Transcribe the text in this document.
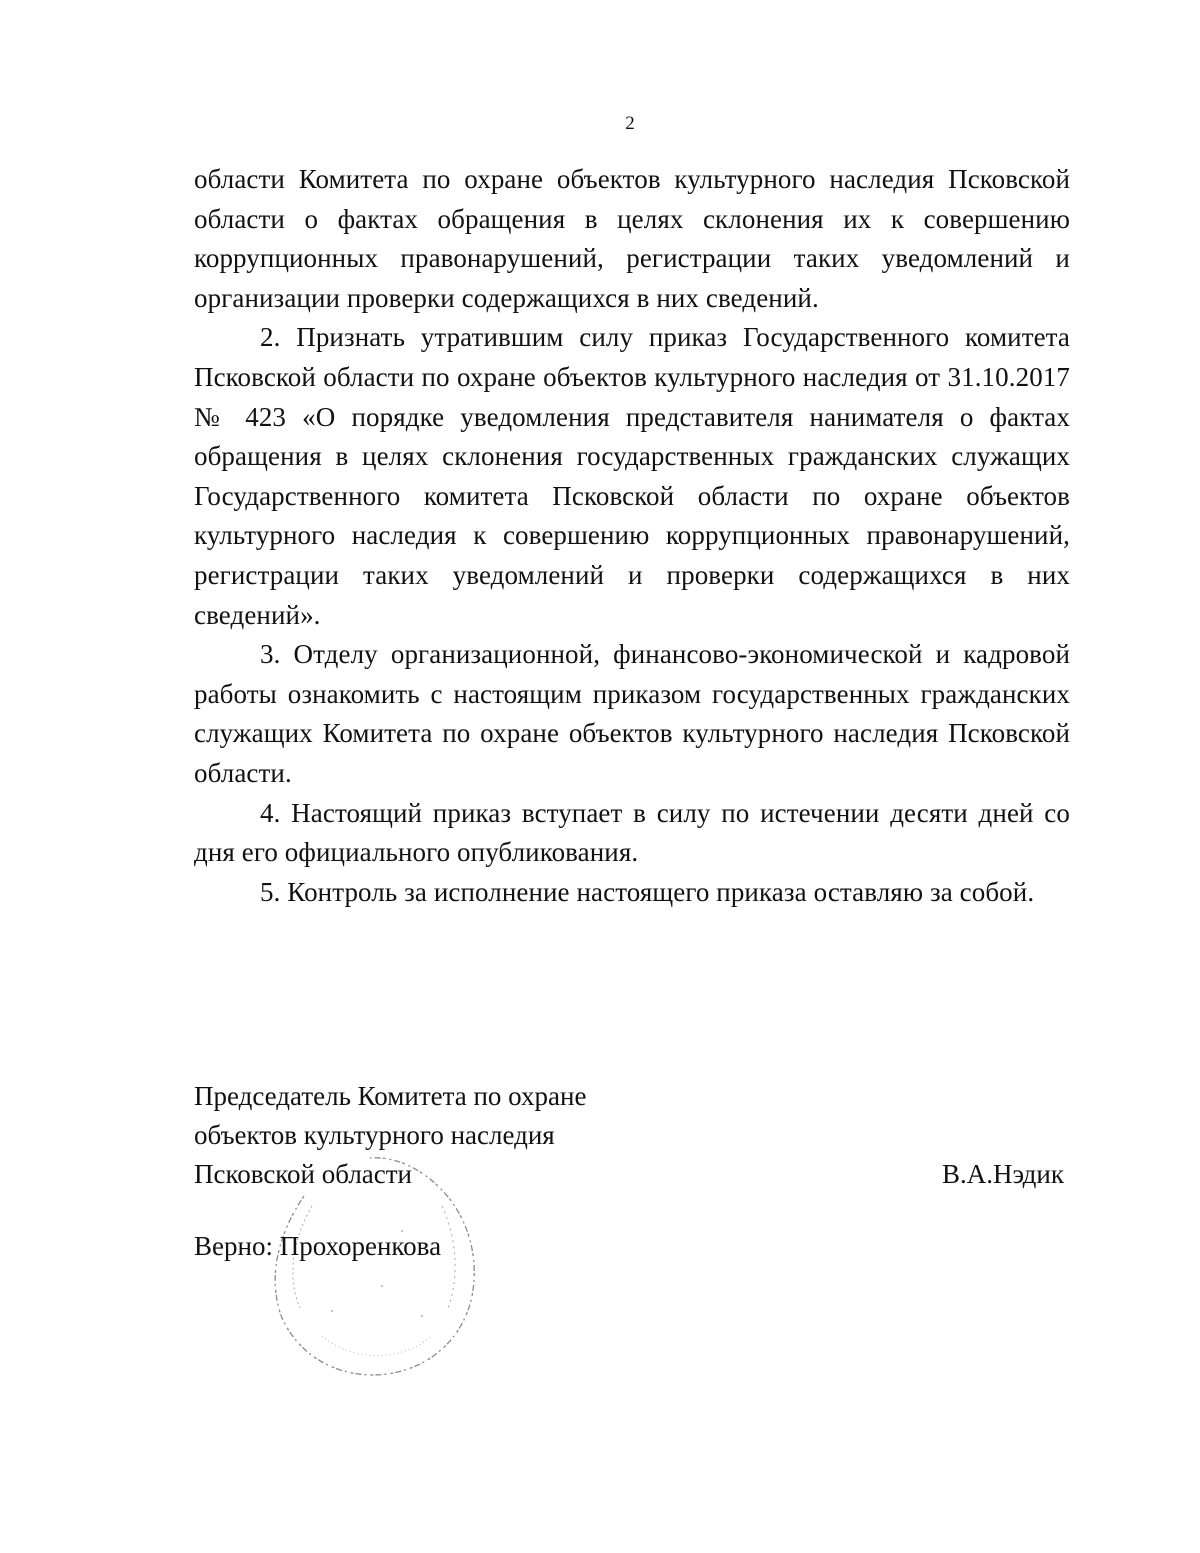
2

области Комитета по охране объектов культурного наследия Псковской области о фактах обращения в целях склонения их к совершению коррупционных правонарушений, регистрации таких уведомлений и организации проверки содержащихся в них сведений.

2. Признать утратившим силу приказ Государственного комитета Псковской области по охране объектов культурного наследия от 31.10.2017 № 423 «О порядке уведомления представителя нанимателя о фактах обращения в целях склонения государственных гражданских служащих Государственного комитета Псковской области по охране объектов культурного наследия к совершению коррупционных правонарушений, регистрации таких уведомлений и проверки содержащихся в них сведений».

3. Отделу организационной, финансово-экономической и кадровой работы ознакомить с настоящим приказом государственных гражданских служащих Комитета по охране объектов культурного наследия Псковской области.

4. Настоящий приказ вступает в силу по истечении десяти дней со дня его официального опубликования.

5. Контроль за исполнение настоящего приказа оставляю за собой.

Председатель Комитета по охране
объектов культурного наследия
Псковской области	В.А.Нэдик
Верно: Прохоренкова
